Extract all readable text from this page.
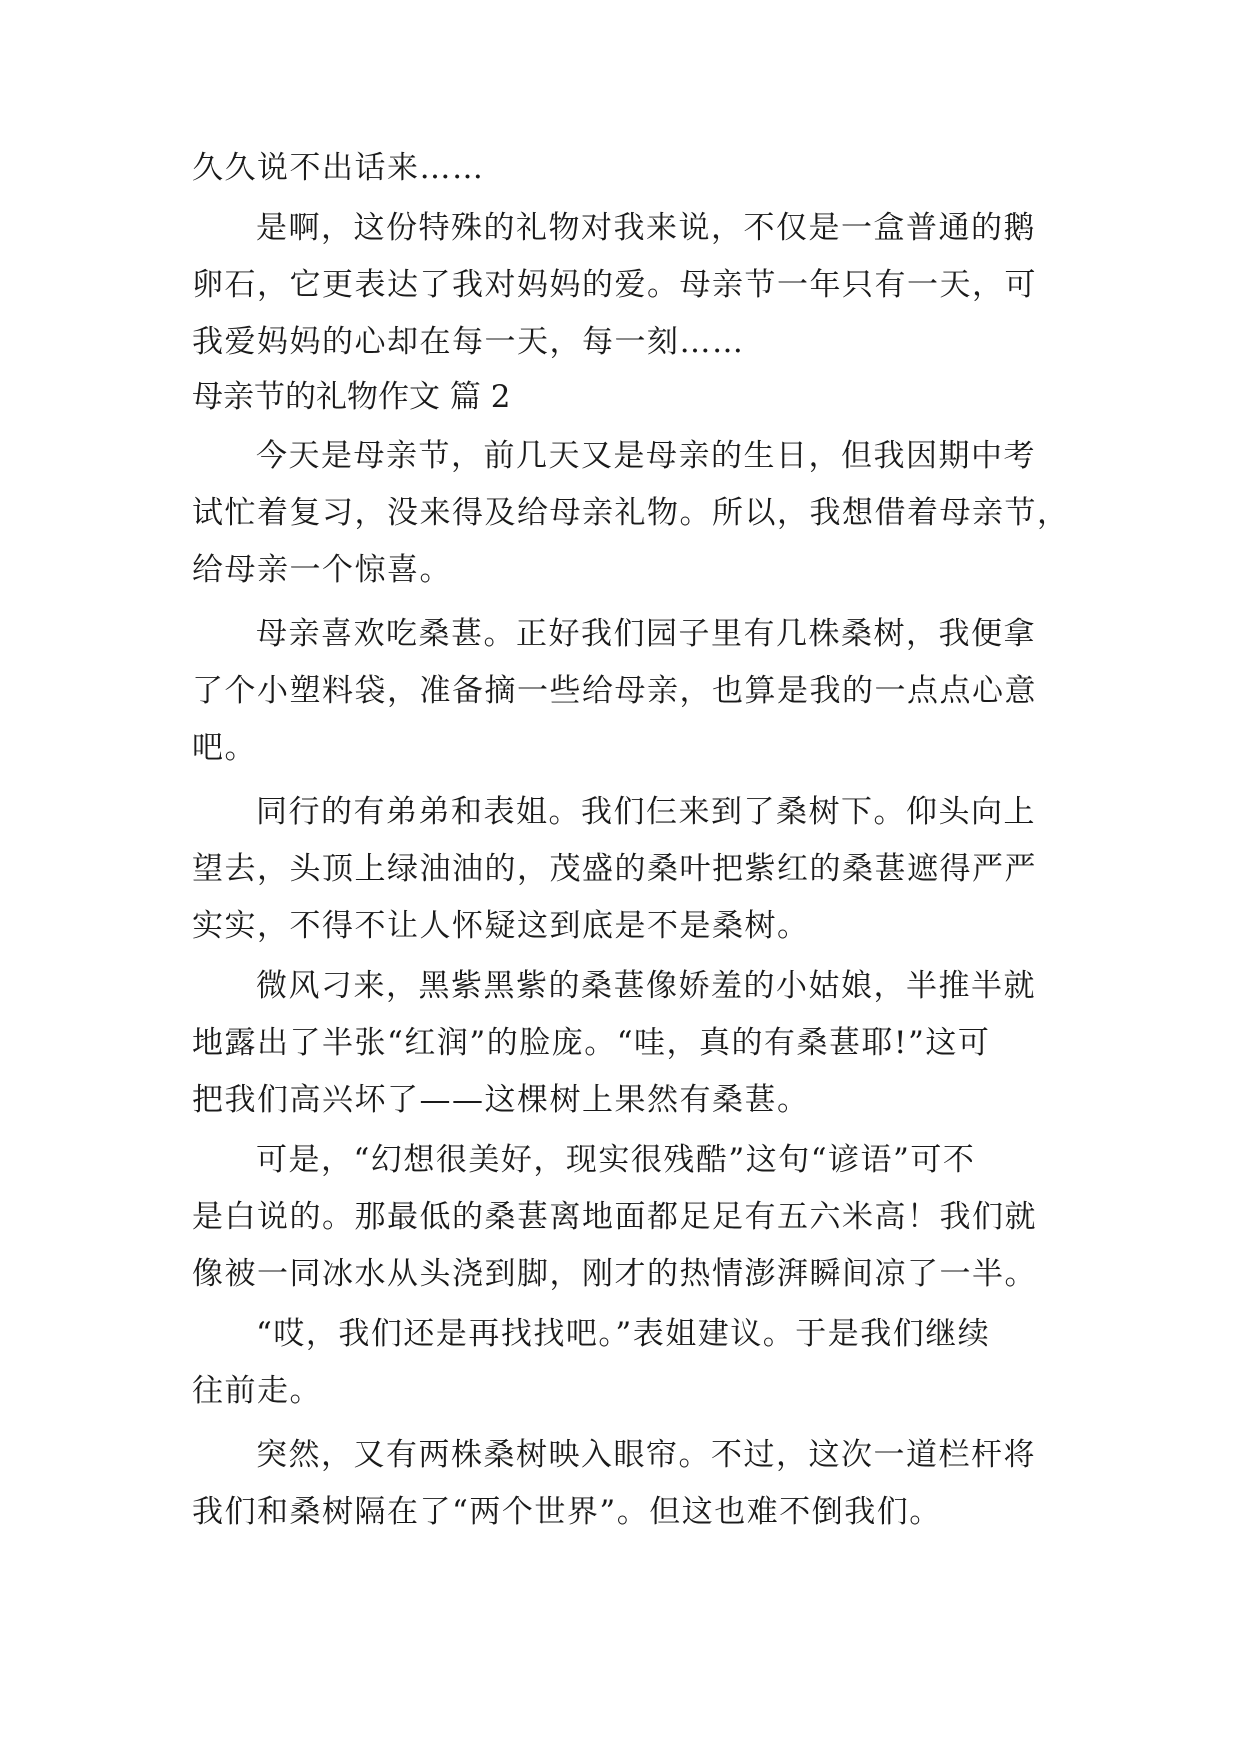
久久说不出话来……
是啊，这份特殊的礼物对我来说，不仅是一盒普通的鹅
卵石，它更表达了我对妈妈的爱。母亲节一年只有一天，可
我爱妈妈的心却在每一天，每一刻……
母亲节的礼物作文 篇 2
今天是母亲节，前几天又是母亲的生日，但我因期中考
试忙着复习，没来得及给母亲礼物。所以，我想借着母亲节，
给母亲一个惊喜。
母亲喜欢吃桑葚。正好我们园子里有几株桑树，我便拿
了个小塑料袋，准备摘一些给母亲，也算是我的一点点心意
吧。
同行的有弟弟和表姐。我们仨来到了桑树下。仰头向上
望去，头顶上绿油油的，茂盛的桑叶把紫红的桑葚遮得严严
实实，不得不让人怀疑这到底是不是桑树。
微风刁来，黑紫黑紫的桑葚像娇羞的小姑娘，半推半就
地露出了半张“红润”的脸庞。“哇，真的有桑葚耶!”这可
把我们高兴坏了——这棵树上果然有桑葚。
可是，“幻想很美好，现实很残酷”这句“谚语”可不
是白说的。那最低的桑葚离地面都足足有五六米高！我们就
像被一同冰水从头浇到脚，刚才的热情澎湃瞬间凉了一半。
“哎，我们还是再找找吧。”表姐建议。于是我们继续
往前走。
突然，又有两株桑树映入眼帘。不过，这次一道栏杆将
我们和桑树隔在了“两个世界”。但这也难不倒我们。
